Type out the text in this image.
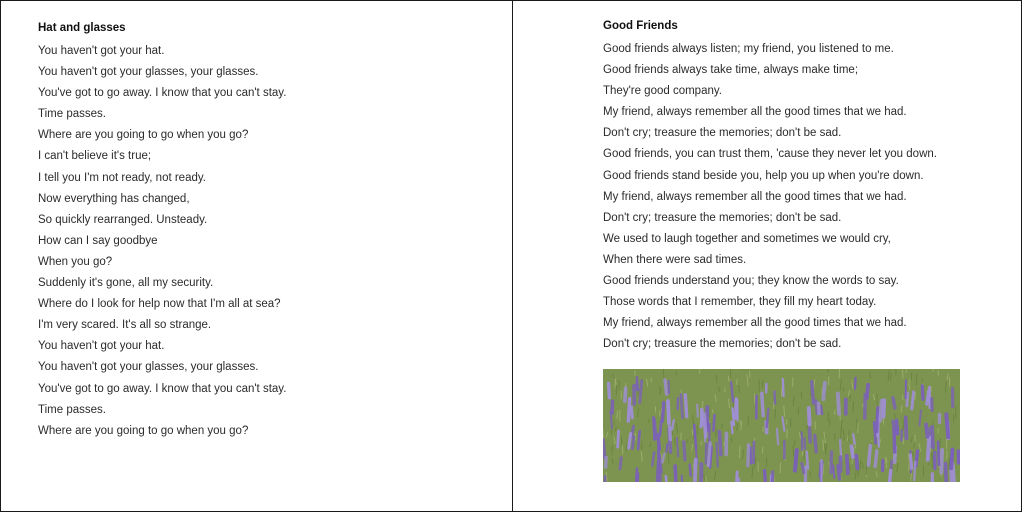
Hat and glasses
You haven't got your hat.
You haven't got your glasses, your glasses.
You've got to go away. I know that you can't stay.
Time passes.
Where are you going to go when you go?
I can't believe it's true;
I tell you I'm not ready, not ready.
Now everything has changed,
So quickly rearranged. Unsteady.
How can I say goodbye
When you go?
Suddenly it's gone, all my security.
Where do I look for help now that I'm all at sea?
I'm very scared. It's all so strange.
You haven't got your hat.
You haven't got your glasses, your glasses.
You've got to go away. I know that you can't stay.
Time passes.
Where are you going to go when you go?
Good Friends
Good friends always listen; my friend, you listened to me.
Good friends always take time, always make time;
They're good company.
My friend, always remember all the good times that we had.
Don't cry; treasure the memories; don't be sad.
Good friends, you can trust them, 'cause they never let you down.
Good friends stand beside you, help you up when you're down.
My friend, always remember all the good times that we had.
Don't cry; treasure the memories; don't be sad.
We used to laugh together and sometimes we would cry,
When there were sad times.
Good friends understand you; they know the words to say.
Those words that I remember, they fill my heart today.
My friend, always remember all the good times that we had.
Don't cry; treasure the memories; don't be sad.
